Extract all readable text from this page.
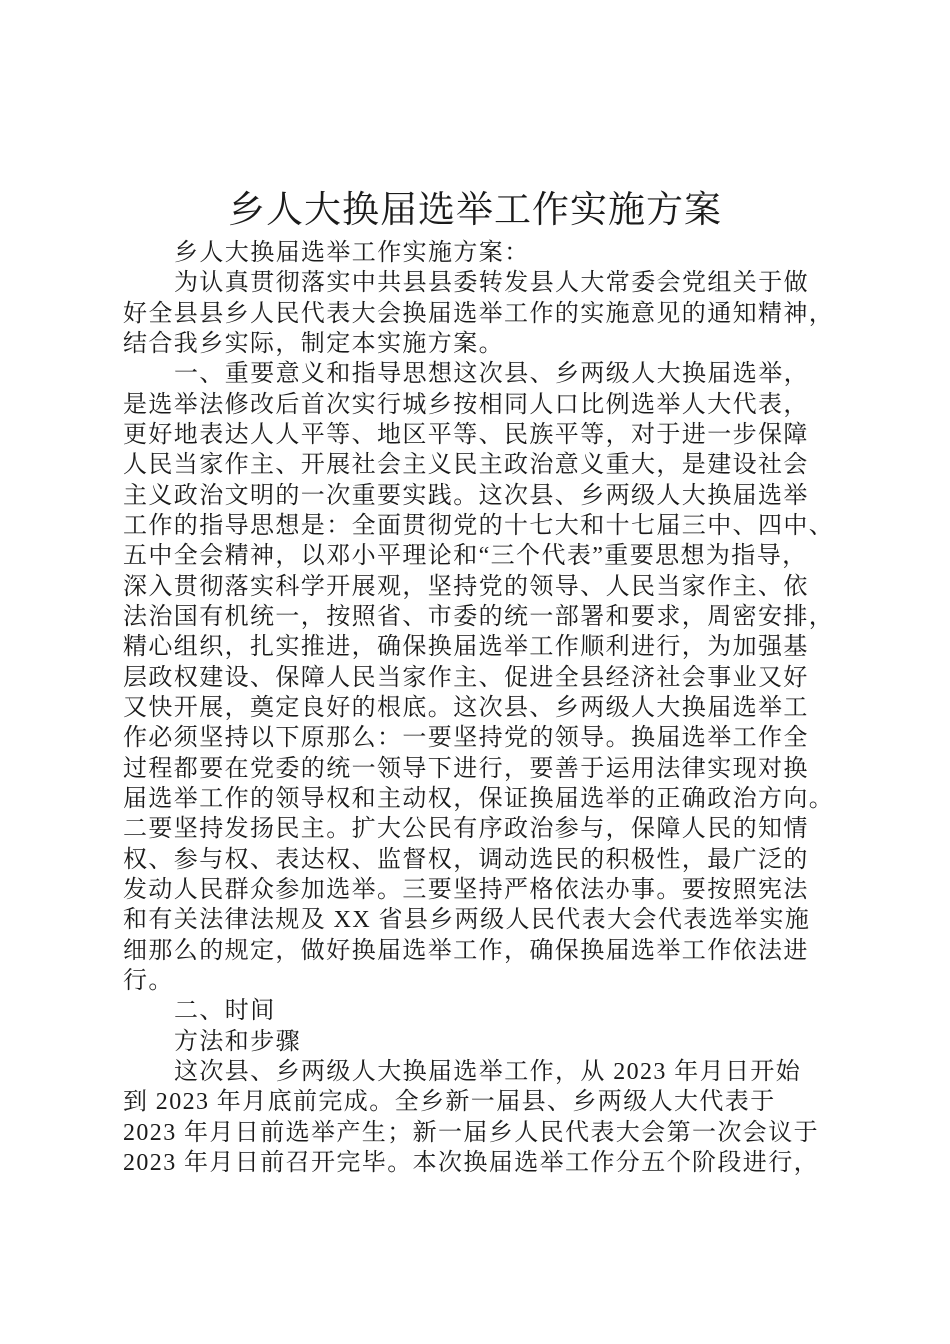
乡人大换届选举工作实施方案
乡人大换届选举工作实施方案：
为认真贯彻落实中共县县委转发县人大常委会党组关于做
好全县县乡人民代表大会换届选举工作的实施意见的通知精神，
结合我乡实际，制定本实施方案。
一、重要意义和指导思想这次县、乡两级人大换届选举，
是选举法修改后首次实行城乡按相同人口比例选举人大代表，
更好地表达人人平等、地区平等、民族平等，对于进一步保障
人民当家作主、开展社会主义民主政治意义重大，是建设社会
主义政治文明的一次重要实践。这次县、乡两级人大换届选举
工作的指导思想是：全面贯彻党的十七大和十七届三中、四中、
五中全会精神，以邓小平理论和“三个代表”重要思想为指导，
深入贯彻落实科学开展观，坚持党的领导、人民当家作主、依
法治国有机统一，按照省、市委的统一部署和要求，周密安排，
精心组织，扎实推进，确保换届选举工作顺利进行，为加强基
层政权建设、保障人民当家作主、促进全县经济社会事业又好
又快开展，奠定良好的根底。这次县、乡两级人大换届选举工
作必须坚持以下原那么：一要坚持党的领导。换届选举工作全
过程都要在党委的统一领导下进行，要善于运用法律实现对换
届选举工作的领导权和主动权，保证换届选举的正确政治方向。
二要坚持发扬民主。扩大公民有序政治参与，保障人民的知情
权、参与权、表达权、监督权，调动选民的积极性，最广泛的
发动人民群众参加选举。三要坚持严格依法办事。要按照宪法
和有关法律法规及 XX 省县乡两级人民代表大会代表选举实施
细那么的规定，做好换届选举工作，确保换届选举工作依法进
行。
二、时间
方法和步骤
这次县、乡两级人大换届选举工作，从 2023 年月日开始
到 2023 年月底前完成。全乡新一届县、乡两级人大代表于
2023 年月日前选举产生；新一届乡人民代表大会第一次会议于
2023 年月日前召开完毕。本次换届选举工作分五个阶段进行，
